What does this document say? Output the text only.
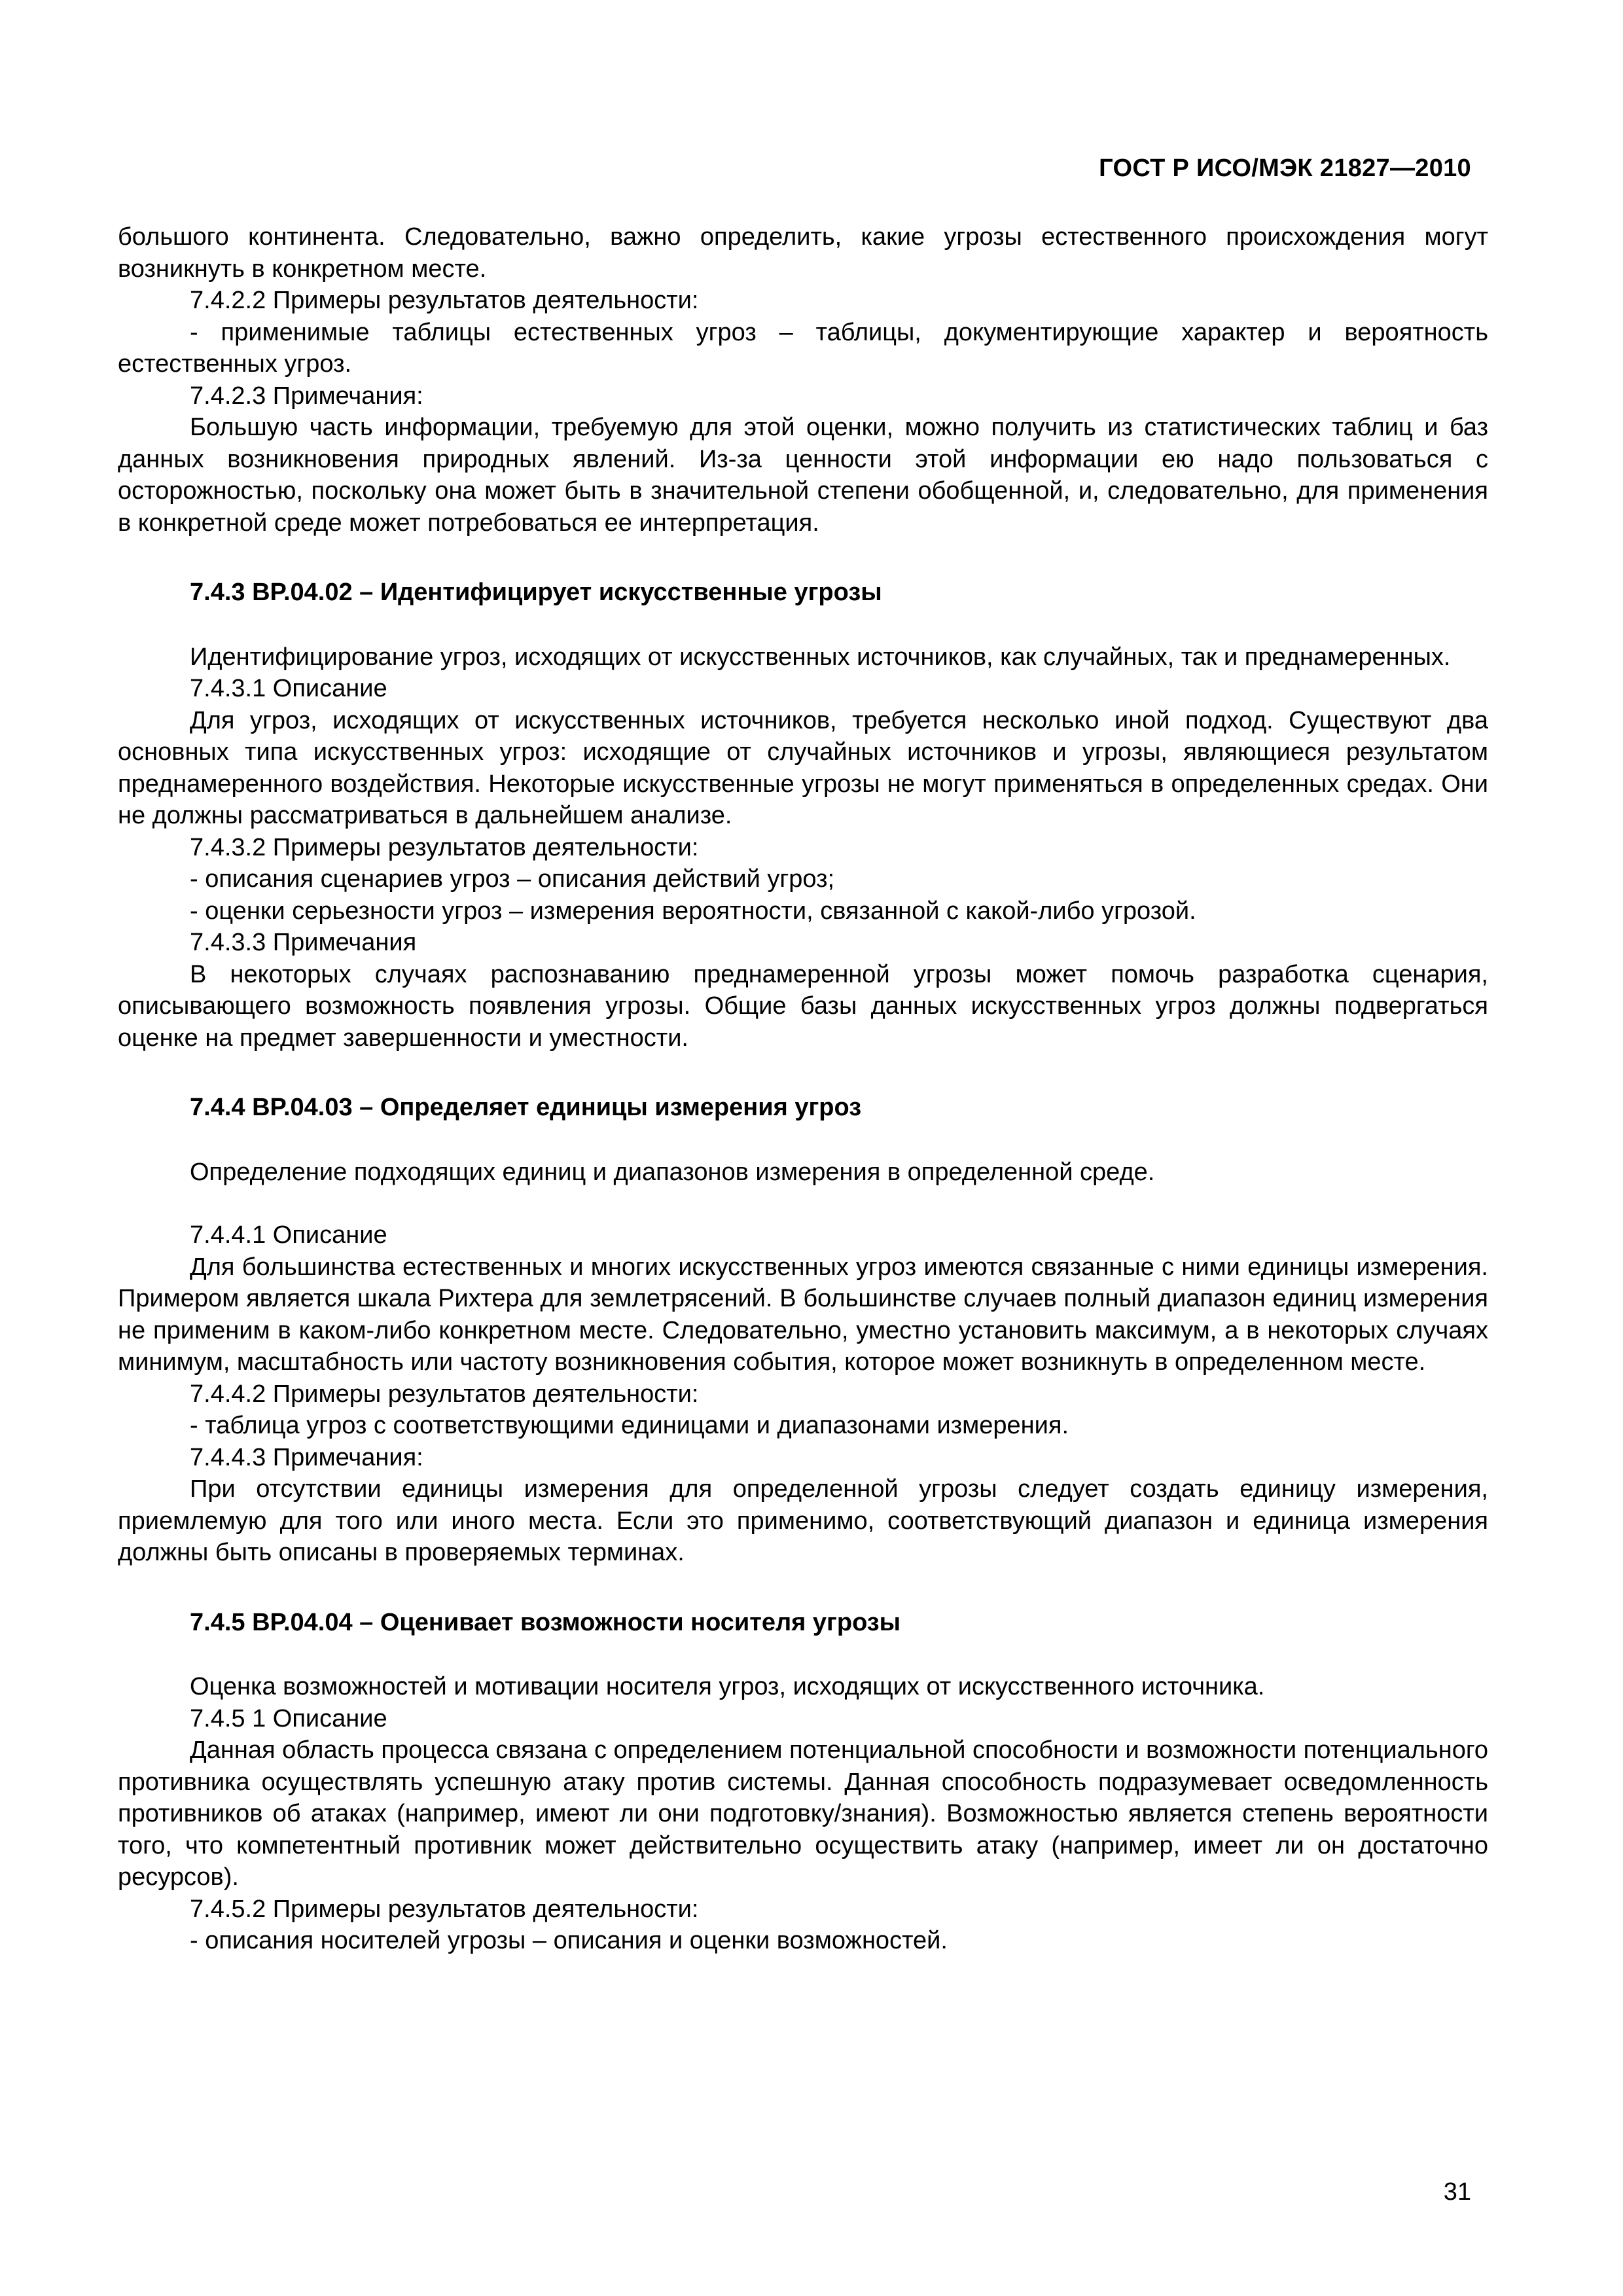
ГОСТ Р ИСО/МЭК 21827—2010

большого континента. Следовательно, важно определить, какие угрозы естественного происхождения могут возникнуть в конкретном месте.

7.4.2.2 Примеры результатов деятельности:

- применимые таблицы естественных угроз – таблицы, документирующие характер и вероятность естественных угроз.

7.4.2.3 Примечания:

Большую часть информации, требуемую для этой оценки, можно получить из статистических таблиц и баз данных возникновения природных явлений. Из-за ценности этой информации ею надо пользоваться с осторожностью, поскольку она может быть в значительной степени обобщенной, и, следовательно, для применения в конкретной среде может потребоваться ее интерпретация.

7.4.3 BP.04.02 – Идентифицирует искусственные угрозы

Идентифицирование угроз, исходящих от искусственных источников, как случайных, так и преднамеренных.

7.4.3.1 Описание

Для угроз, исходящих от искусственных источников, требуется несколько иной подход. Существуют два основных типа искусственных угроз: исходящие от случайных источников и угрозы, являющиеся результатом преднамеренного воздействия. Некоторые искусственные угрозы не могут применяться в определенных средах. Они не должны рассматриваться в дальнейшем анализе.

7.4.3.2 Примеры результатов деятельности:

- описания сценариев угроз – описания действий угроз;

- оценки серьезности угроз – измерения вероятности, связанной с какой-либо угрозой.

7.4.3.3 Примечания

В некоторых случаях распознаванию преднамеренной угрозы может помочь разработка сценария, описывающего возможность появления угрозы. Общие базы данных искусственных угроз должны подвергаться оценке на предмет завершенности и уместности.

7.4.4 BP.04.03 – Определяет единицы измерения угроз

Определение подходящих единиц и диапазонов измерения в определенной среде.

7.4.4.1 Описание

Для большинства естественных и многих искусственных угроз имеются связанные с ними единицы измерения. Примером является шкала Рихтера для землетрясений. В большинстве случаев полный диапазон единиц измерения не применим в каком-либо конкретном месте. Следовательно, уместно установить максимум, а в некоторых случаях минимум, масштабность или частоту возникновения события, которое может возникнуть в определенном месте.

7.4.4.2 Примеры результатов деятельности:

- таблица угроз с соответствующими единицами и диапазонами измерения.

7.4.4.3 Примечания:

При отсутствии единицы измерения для определенной угрозы следует создать единицу измерения, приемлемую для того или иного места. Если это применимо, соответствующий диапазон и единица измерения должны быть описаны в проверяемых терминах.

7.4.5 BP.04.04 – Оценивает возможности носителя угрозы

Оценка возможностей и мотивации носителя угроз, исходящих от искусственного источника.

7.4.5 1 Описание

Данная область процесса связана с определением потенциальной способности и возможности потенциального противника осуществлять успешную атаку против системы. Данная способность подразумевает осведомленность противников об атаках (например, имеют ли они подготовку/знания). Возможностью является степень вероятности того, что компетентный противник может действительно осуществить атаку (например, имеет ли он достаточно ресурсов).

7.4.5.2 Примеры результатов деятельности:

- описания носителей угрозы – описания и оценки возможностей.

31
